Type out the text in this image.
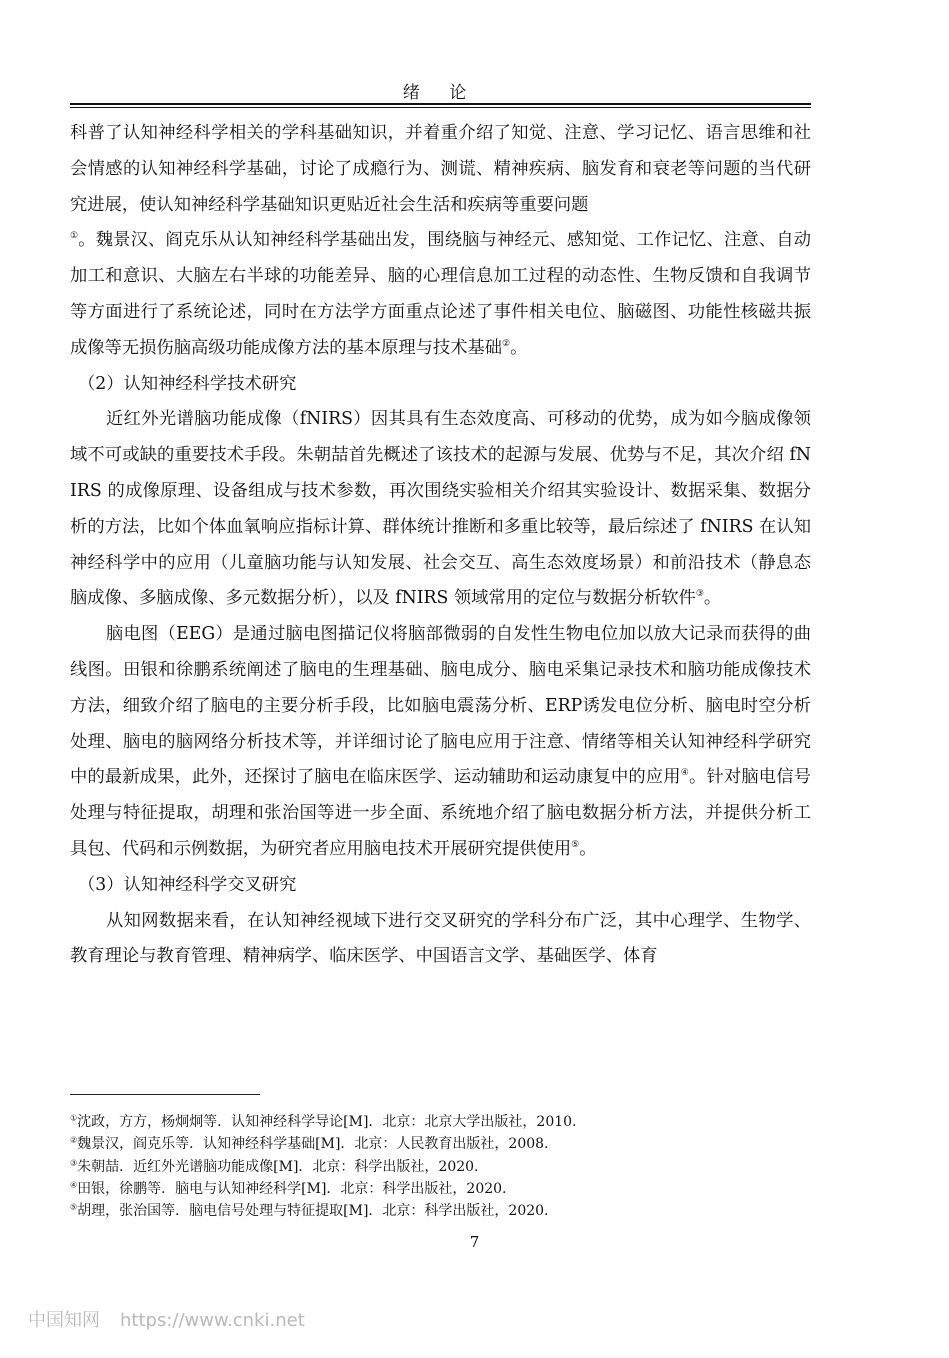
绪 论

科普了认知神经科学相关的学科基础知识，并着重介绍了知觉、注意、学习记忆、语言思维和社会情感的认知神经科学基础，讨论了成瘾行为、测谎、精神疾病、脑发育和衰老等问题的当代研究进展，使认知神经科学基础知识更贴近社会生活和疾病等重要问题

①。魏景汉、阎克乐从认知神经科学基础出发，围绕脑与神经元、感知觉、工作记忆、注意、自动加工和意识、大脑左右半球的功能差异、脑的心理信息加工过程的动态性、生物反馈和自我调节等方面进行了系统论述，同时在方法学方面重点论述了事件相关电位、脑磁图、功能性核磁共振成像等无损伤脑高级功能成像方法的基本原理与技术基础②。

（2）认知神经科学技术研究

近红外光谱脑功能成像（fNIRS）因其具有生态效度高、可移动的优势，成为如今脑成像领域不可或缺的重要技术手段。朱朝喆首先概述了该技术的起源与发展、优势与不足，其次介绍 fNIRS 的成像原理、设备组成与技术参数，再次围绕实验相关介绍其实验设计、数据采集、数据分析的方法，比如个体血氧响应指标计算、群体统计推断和多重比较等，最后综述了 fNIRS 在认知神经科学中的应用（儿童脑功能与认知发展、社会交互、高生态效度场景）和前沿技术（静息态脑成像、多脑成像、多元数据分析），以及 fNIRS 领域常用的定位与数据分析软件③。

脑电图（EEG）是通过脑电图描记仪将脑部微弱的自发性生物电位加以放大记录而获得的曲线图。田银和徐鹏系统阐述了脑电的生理基础、脑电成分、脑电采集记录技术和脑功能成像技术方法，细致介绍了脑电的主要分析手段，比如脑电震荡分析、ERP诱发电位分析、脑电时空分析处理、脑电的脑网络分析技术等，并详细讨论了脑电应用于注意、情绪等相关认知神经科学研究中的最新成果，此外，还探讨了脑电在临床医学、运动辅助和运动康复中的应用④。针对脑电信号处理与特征提取，胡理和张治国等进一步全面、系统地介绍了脑电数据分析方法，并提供分析工具包、代码和示例数据，为研究者应用脑电技术开展研究提供使用⑤。

（3）认知神经科学交叉研究

从知网数据来看，在认知神经视域下进行交叉研究的学科分布广泛，其中心理学、生物学、教育理论与教育管理、精神病学、临床医学、中国语言文学、基础医学、体育

①沈政，方方，杨炯炯等．认知神经科学导论[M]．北京：北京大学出版社，2010.
②魏景汉，阎克乐等．认知神经科学基础[M]．北京：人民教育出版社，2008.
③朱朝喆．近红外光谱脑功能成像[M]．北京：科学出版社，2020.
④田银，徐鹏等．脑电与认知神经科学[M]．北京：科学出版社，2020.
⑤胡理，张治国等．脑电信号处理与特征提取[M]．北京：科学出版社，2020.
7
中国知网 https://www.cnki.net
